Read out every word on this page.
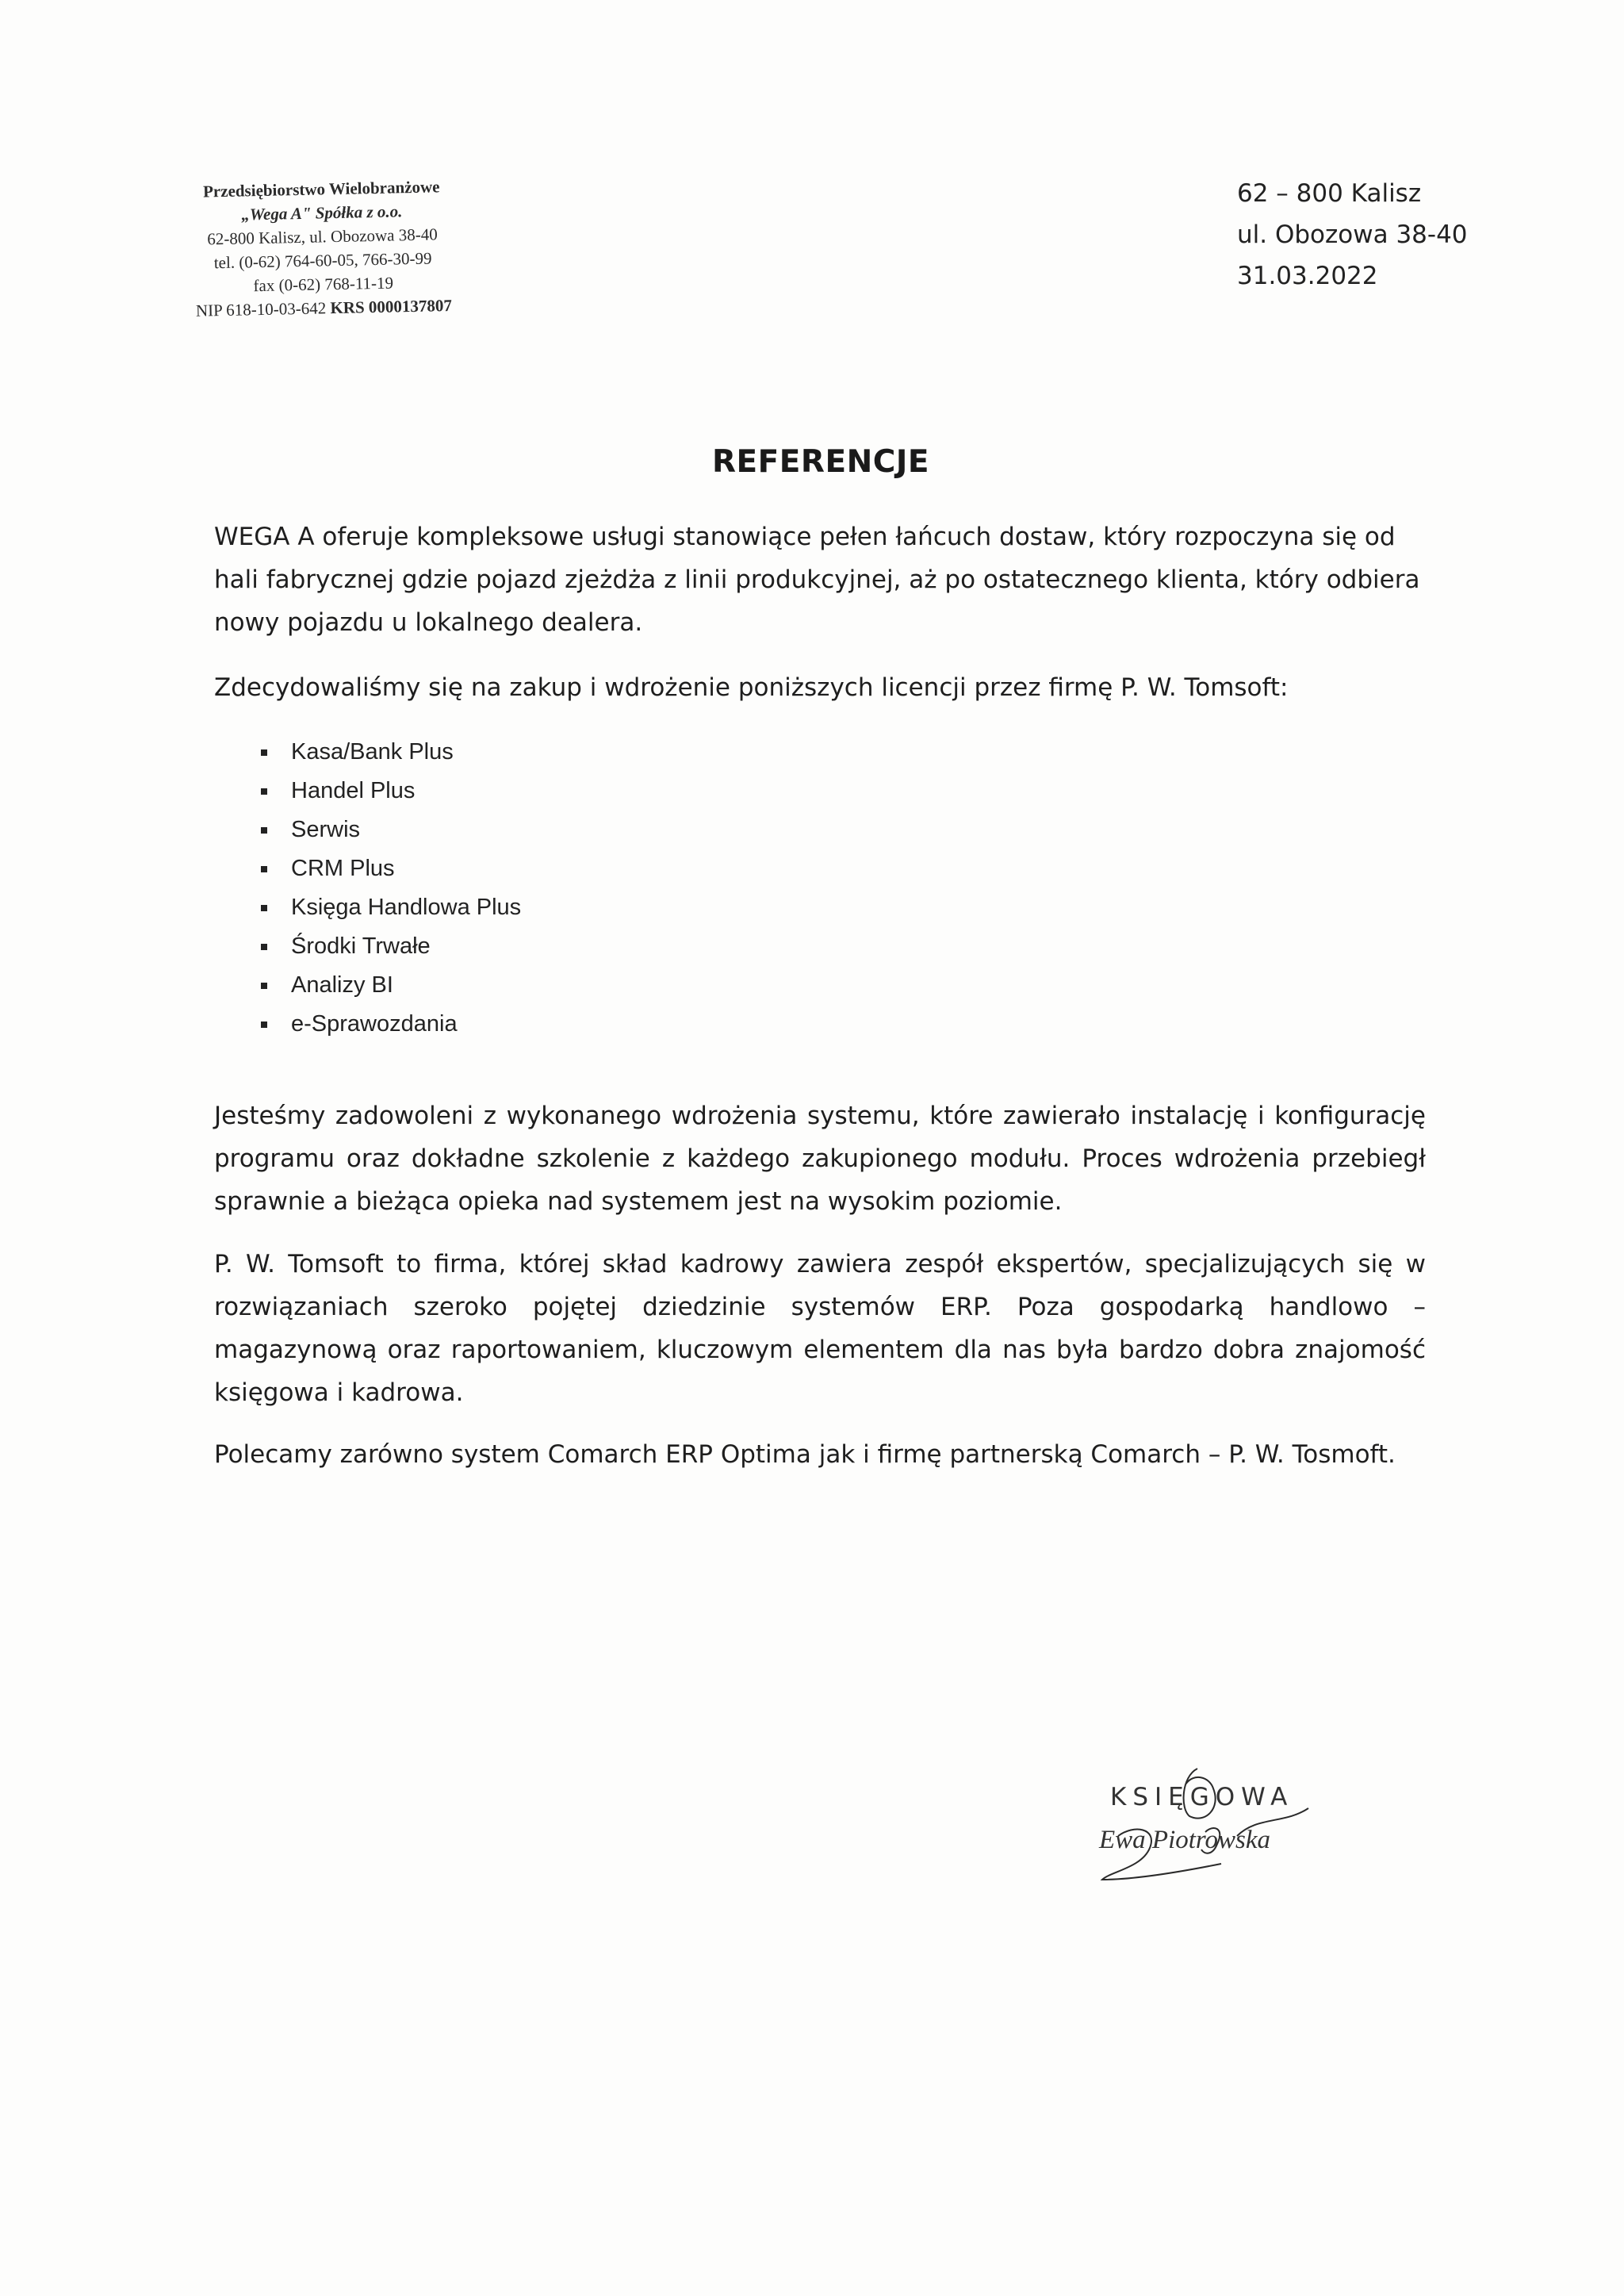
Przedsiębiorstwo Wielobranżowe
„Wega A" Spółka z o.o.
62-800 Kalisz, ul. Obozowa 38-40
tel. (0-62) 764-60-05, 766-30-99
fax (0-62) 768-11-19
NIP 618-10-03-642 KRS 0000137807
62 – 800 Kalisz
ul. Obozowa 38-40
31.03.2022
REFERENCJE
WEGA A oferuje kompleksowe usługi stanowiące pełen łańcuch dostaw, który rozpoczyna się od hali fabrycznej gdzie pojazd zjeżdża z linii produkcyjnej, aż po ostatecznego klienta, który odbiera nowy pojazdu u lokalnego dealera.
Zdecydowaliśmy się na zakup i wdrożenie poniższych licencji przez firmę P. W. Tomsoft:
Kasa/Bank Plus
Handel Plus
Serwis
CRM Plus
Księga Handlowa Plus
Środki Trwałe
Analizy BI
e-Sprawozdania
Jesteśmy zadowoleni z wykonanego wdrożenia systemu, które zawierało instalację i konfigurację programu oraz dokładne szkolenie z każdego zakupionego modułu. Proces wdrożenia przebiegł sprawnie a bieżąca opieka nad systemem jest na wysokim poziomie.
P. W. Tomsoft to firma, której skład kadrowy zawiera zespół ekspertów, specjalizujących się w rozwiązaniach szeroko pojętej dziedzinie systemów ERP. Poza gospodarką handlowo – magazynową oraz raportowaniem, kluczowym elementem dla nas była bardzo dobra znajomość księgowa i kadrowa.
Polecamy zarówno system Comarch ERP Optima jak i firmę partnerską Comarch – P. W. Tosmoft.
KSIĘGOWA
Ewa Piotrowska
